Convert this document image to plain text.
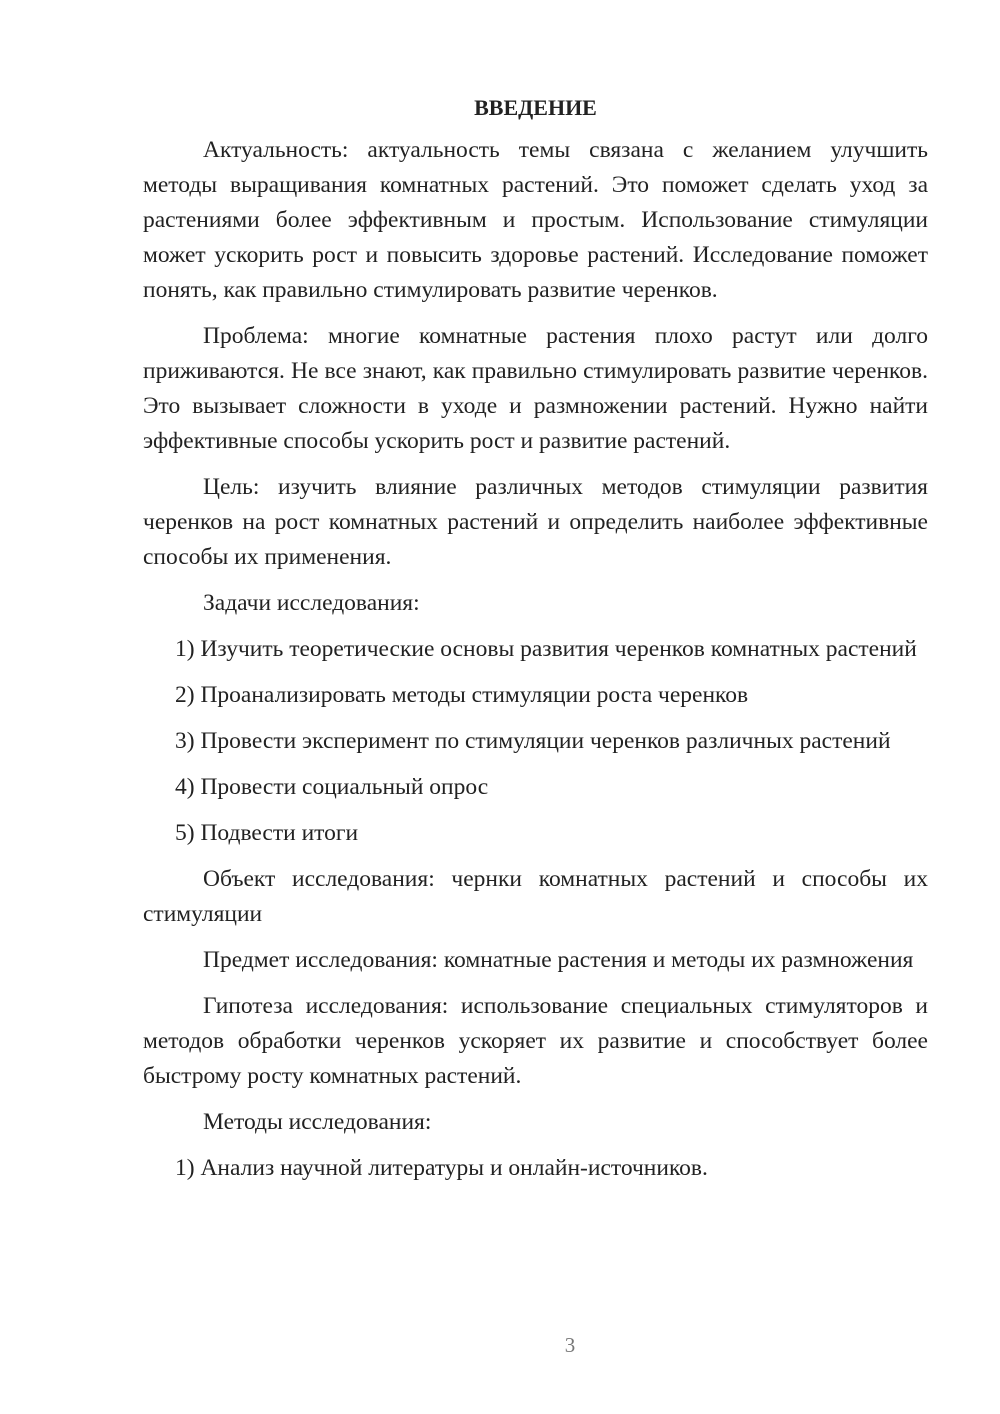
ВВЕДЕНИЕ

Актуальность: актуальность темы связана с желанием улучшить методы выращивания комнатных растений. Это поможет сделать уход за растениями более эффективным и простым. Использование стимуляции может ускорить рост и повысить здоровье растений. Исследование поможет понять, как правильно стимулировать развитие черенков.

Проблема: многие комнатные растения плохо растут или долго приживаются. Не все знают, как правильно стимулировать развитие черенков. Это вызывает сложности в уходе и размножении растений. Нужно найти эффективные способы ускорить рост и развитие растений.

Цель: изучить влияние различных методов стимуляции развития черенков на рост комнатных растений и определить наиболее эффективные способы их применения.

Задачи исследования:

1) Изучить теоретические основы развития черенков комнатных растений

2) Проанализировать методы стимуляции роста черенков

3) Провести эксперимент по стимуляции черенков различных растений

4) Провести социальный опрос

5) Подвести итоги

Объект исследования: чернки комнатных растений и способы их стимуляции

Предмет исследования: комнатные растения и методы их размножения

Гипотеза исследования: использование специальных стимуляторов и методов обработки черенков ускоряет их развитие и способствует более быстрому росту комнатных растений.

Методы исследования:

1) Анализ научной литературы и онлайн-источников.

3
